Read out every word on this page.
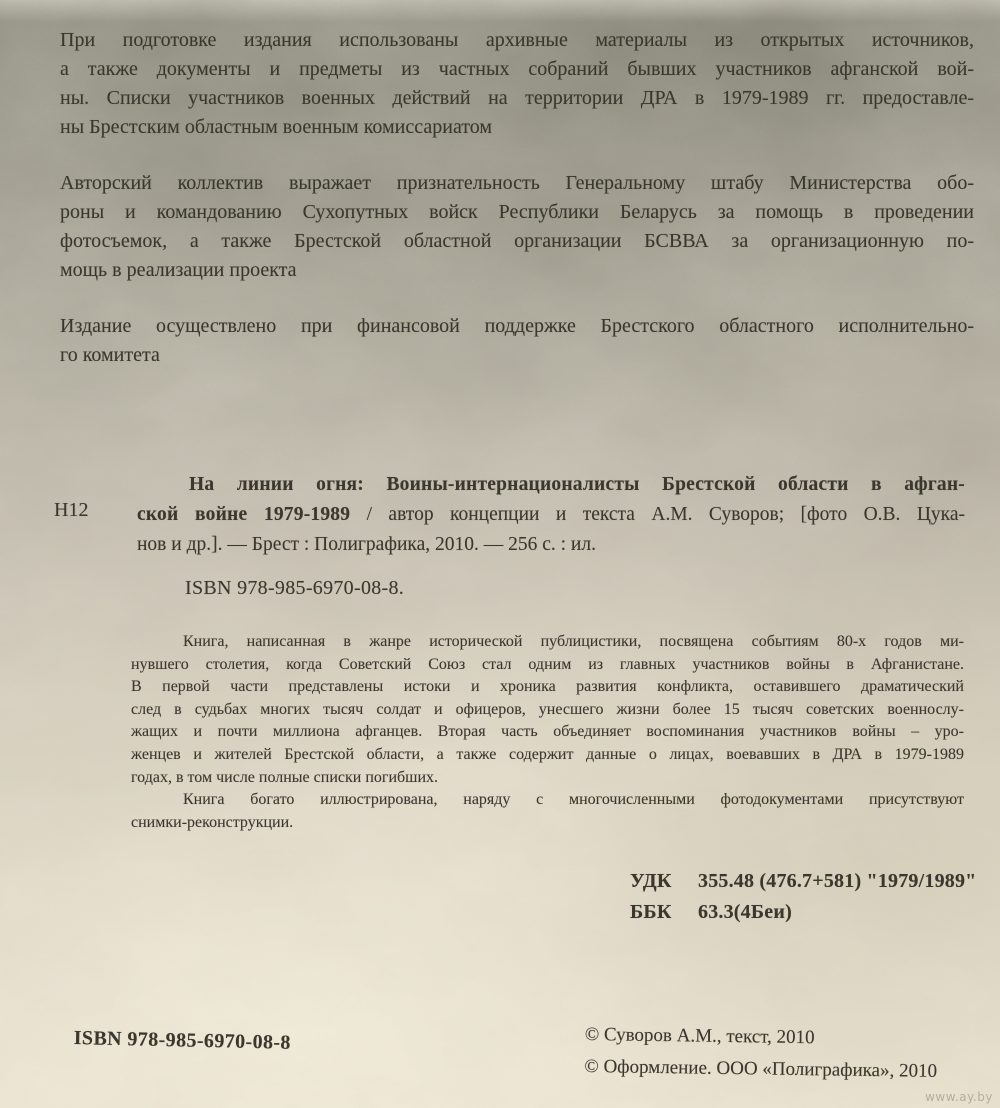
При подготовке издания использованы архивные материалы из открытых источников,
а также документы и предметы из частных собраний бывших участников афганской вой-
ны. Списки участников военных действий на территории ДРА в 1979-1989 гг. предоставле-
ны Брестским областным военным комиссариатом
Авторский коллектив выражает признательность Генеральному штабу Министерства обо-
роны и командованию Сухопутных войск Республики Беларусь за помощь в проведении
фотосъемок, а также Брестской областной организации БСВВА за организационную по-
мощь в реализации проекта
Издание осуществлено при финансовой поддержке Брестского областного исполнительно-
го комитета
Н12
На линии огня: Воины-интернационалисты Брестской области в афган-
ской войне 1979-1989 / автор концепции и текста А.М. Суворов; [фото О.В. Цука-
нов и др.]. — Брест : Полиграфика, 2010. — 256 с. : ил.
ISBN 978-985-6970-08-8.
Книга, написанная в жанре исторической публицистики, посвящена событиям 80-х годов ми-
нувшего столетия, когда Советский Союз стал одним из главных участников войны в Афганистане.
В первой части представлены истоки и хроника развития конфликта, оставившего драматический
след в судьбах многих тысяч солдат и офицеров, унесшего жизни более 15 тысяч советских военнослу-
жащих и почти миллиона афганцев. Вторая часть объединяет воспоминания участников войны – уро-
женцев и жителей Брестской области, а также содержит данные о лицах, воевавших в ДРА в 1979-1989
годах, в том числе полные списки погибших.
Книга богато иллюстрирована, наряду с многочисленными фотодокументами присутствуют
снимки-реконструкции.
УДК	355.48 (476.7+581) "1979/1989"
ББК	63.3(4Беи)
ISBN 978-985-6970-08-8	© Суворов А.М., текст, 2010
© Оформление. ООО «Полиграфика», 2010
www.ay.by
